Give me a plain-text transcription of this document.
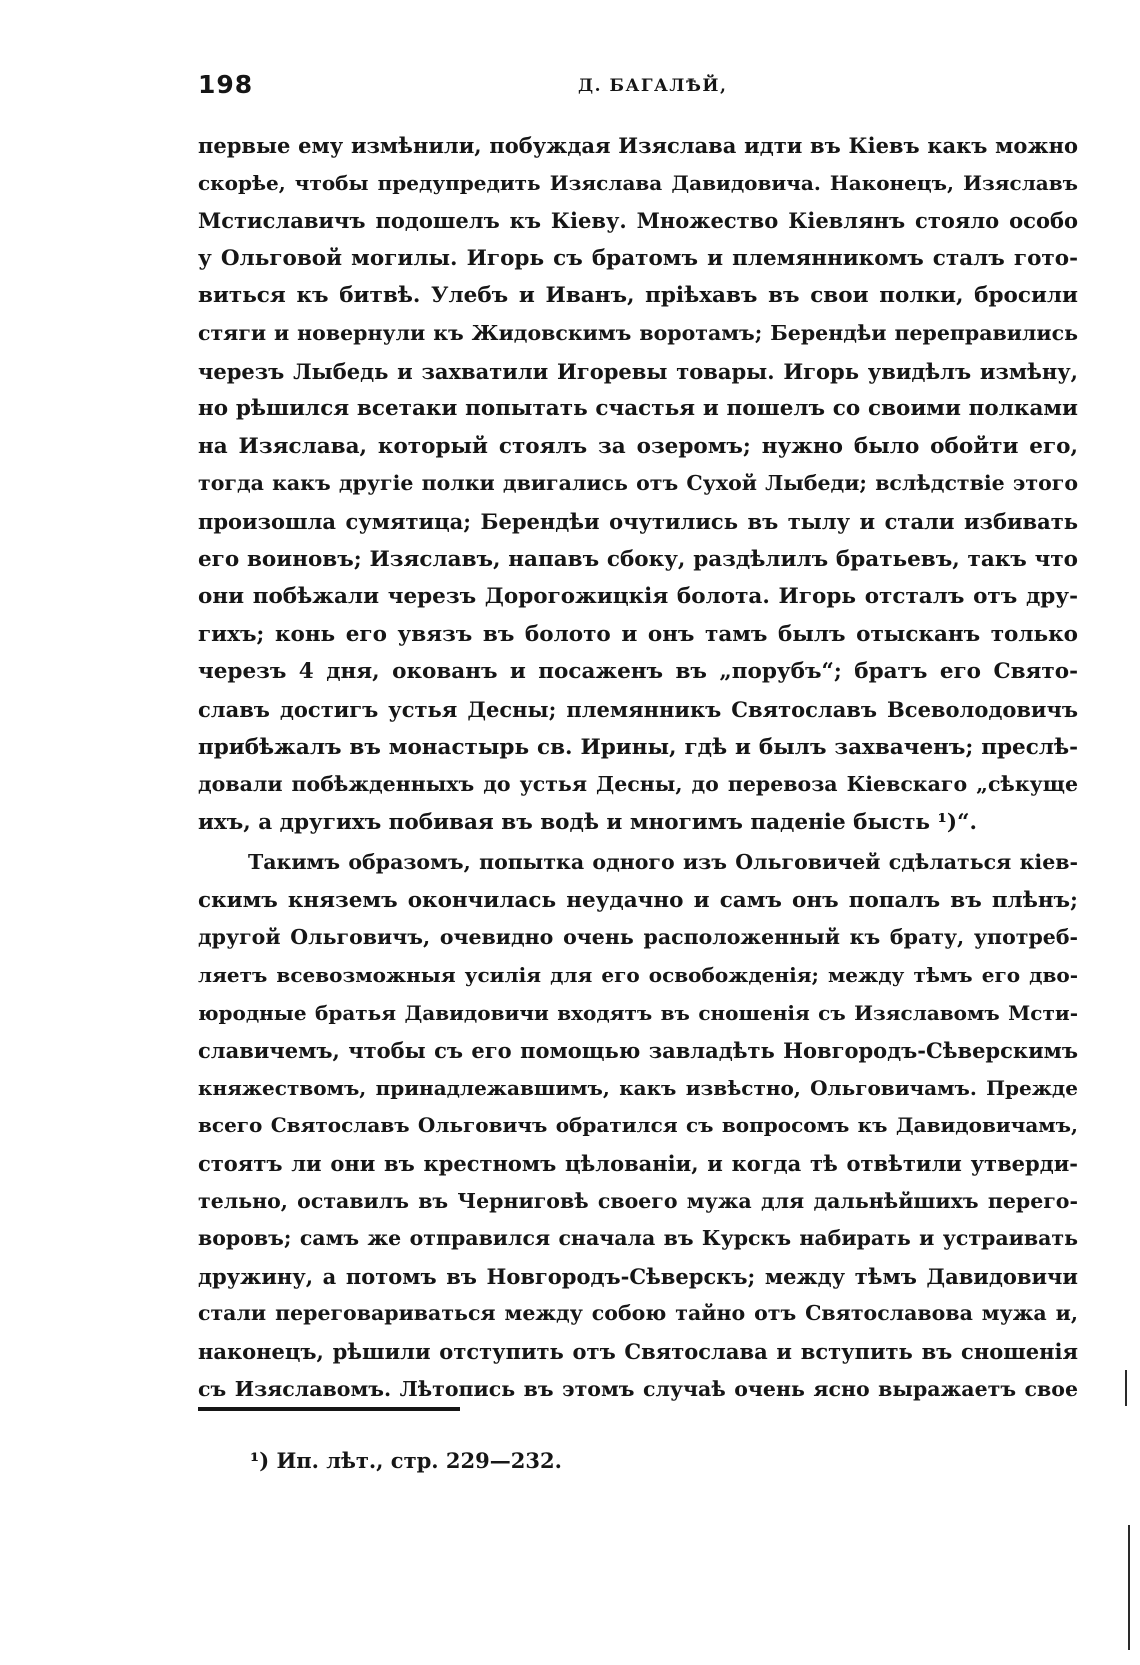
198	Д. БАГАЛѢЙ,
первые ему измѣнили, побуждая Изяслава идти въ Кіевъ какъ можно
скорѣе, чтобы предупредить Изяслава Давидовича. Наконецъ, Изяславъ
Мстиславичъ подошелъ къ Кіеву. Множество Кіевлянъ стояло особо
у Ольговой могилы. Игорь съ братомъ и племянникомъ сталъ гото-
виться къ битвѣ. Улебъ и Иванъ, пріѣхавъ въ свои полки, бросили
стяги и новернули къ Жидовскимъ воротамъ; Берендѣи переправились
черезъ Лыбедь и захватили Игоревы товары. Игорь увидѣлъ измѣну,
но рѣшился всетаки попытать счастья и пошелъ со своими полками
на Изяслава, который стоялъ за озеромъ; нужно было обойти его,
тогда какъ другіе полки двигались отъ Сухой Лыбеди; вслѣдствіе этого
произошла сумятица; Берендѣи очутились въ тылу и стали избивать
его воиновъ; Изяславъ, напавъ сбоку, раздѣлилъ братьевъ, такъ что
они побѣжали черезъ Дорогожицкія болота. Игорь отсталъ отъ дру-
гихъ; конь его увязъ въ болото и онъ тамъ былъ отысканъ только
черезъ 4 дня, окованъ и посаженъ въ „порубъ“; братъ его Свято-
славъ достигъ устья Десны; племянникъ Святославъ Всеволодовичъ
прибѣжалъ въ монастырь св. Ирины, гдѣ и былъ захваченъ; преслѣ-
довали побѣжденныхъ до устья Десны, до перевоза Кіевскаго „сѣкуще
ихъ, а другихъ побивая въ водѣ и многимъ паденіе бысть ¹)“.
Такимъ образомъ, попытка одного изъ Ольговичей сдѣлаться кіев-
скимъ княземъ окончилась неудачно и самъ онъ попалъ въ плѣнъ;
другой Ольговичъ, очевидно очень расположенный къ брату, употреб-
ляетъ всевозможныя усилія для его освобожденія; между тѣмъ его дво-
юродные братья Давидовичи входятъ въ сношенія съ Изяславомъ Мсти-
славичемъ, чтобы съ его помощью завладѣть Новгородъ-Сѣверскимъ
княжествомъ, принадлежавшимъ, какъ извѣстно, Ольговичамъ. Прежде
всего Святославъ Ольговичъ обратился съ вопросомъ къ Давидовичамъ,
стоятъ ли они въ крестномъ цѣлованіи, и когда тѣ отвѣтили утверди-
тельно, оставилъ въ Черниговѣ своего мужа для дальнѣйшихъ перего-
воровъ; самъ же отправился сначала въ Курскъ набирать и устраивать
дружину, а потомъ въ Новгородъ-Сѣверскъ; между тѣмъ Давидовичи
стали переговариваться между собою тайно отъ Святославова мужа и,
наконецъ, рѣшили отступить отъ Святослава и вступить въ сношенія
съ Изяславомъ. Лѣтопись въ этомъ случаѣ очень ясно выражаетъ свое
¹) Ип. лѣт., стр. 229—232.
